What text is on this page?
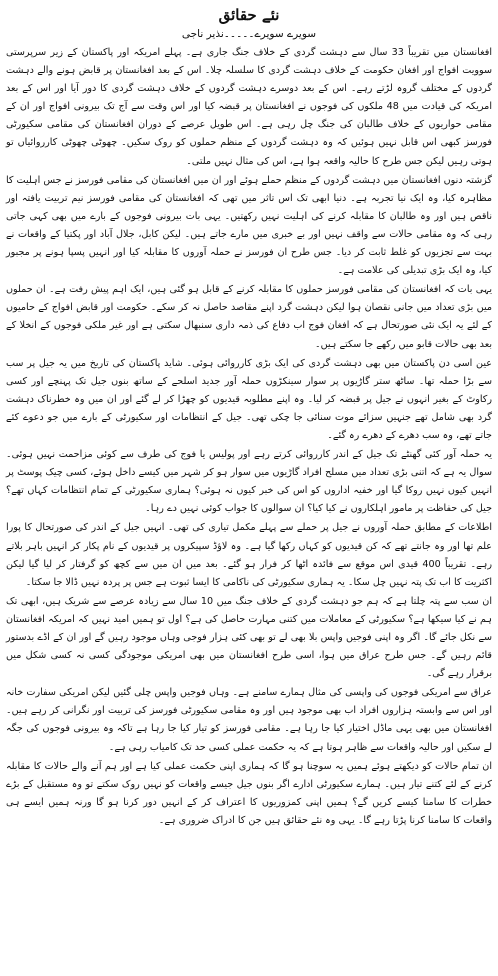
نئے حقائق
سویرے سویرے۔۔۔۔۔نذیر ناجی

افغانستان میں تقریباً 33 سال سے دہشت گردی کے خلاف جنگ جاری ہے۔ پہلے امریکہ اور پاکستان کے زیر سرپرستی سوویت افواج اور افغان حکومت کے خلاف دہشت گردی کا سلسلہ چلا۔ اس کے بعد افغانستان پر قابض ہونے والے دہشت گردوں کے مختلف گروہ لڑتے رہے۔ اس کے بعد دوسرے دہشت گردوں کے خلاف دہشت گردی کا دور آیا اور اس کے بعد امریکہ کی قیادت میں 48 ملکوں کی فوجوں نے افغانستان پر قبضہ کیا اور اس وقت سے آج تک بیرونی افواج اور ان کے مقامی حواریوں کے خلاف طالبان کی جنگ چل رہی ہے۔ اس طویل عرصے کے دوران افغانستان کی مقامی سکیورٹی فورسز کبھی اس قابل نہیں ہوئیں کہ وہ دہشت گردوں کے منظم حملوں کو روک سکیں۔ چھوٹی چھوٹی کارروائیاں تو ہوتی رہیں لیکن جس طرح کا حالیہ واقعہ ہوا ہے، اس کی مثال نہیں ملتی۔

گزشتہ دنوں افغانستان میں دہشت گردوں کے منظم حملے ہوئے اور ان میں افغانستان کی مقامی فورسز نے جس اہلیت کا مظاہرہ کیا، وہ ایک نیا تجربہ ہے۔ دنیا ابھی تک اس تاثر میں تھی کہ افغانستان کی مقامی فورسز نیم تربیت یافتہ اور ناقص ہیں اور وہ طالبان کا مقابلہ کرنے کی اہلیت نہیں رکھتیں۔ یہی بات بیرونی فوجوں کے بارے میں بھی کہی جاتی رہی کہ وہ مقامی حالات سے واقف نہیں اور بے خبری میں مارے جاتے ہیں۔ لیکن کابل، جلال آباد اور پکتیا کے واقعات نے بہت سے تجزیوں کو غلط ثابت کر دیا۔ جس طرح ان فورسز نے حملہ آوروں کا مقابلہ کیا اور انہیں پسپا ہونے پر مجبور کیا، وہ ایک بڑی تبدیلی کی علامت ہے۔

یہی بات کہ افغانستان کی مقامی فورسز حملوں کا مقابلہ کرنے کے قابل ہو گئی ہیں، ایک اہم پیش رفت ہے۔ ان حملوں میں بڑی تعداد میں جانی نقصان ہوا لیکن دہشت گرد اپنے مقاصد حاصل نہ کر سکے۔ حکومت اور قابض افواج کے حامیوں کے لئے یہ ایک نئی صورتحال ہے کہ افغان فوج اب دفاع کی ذمہ داری سنبھال سکتی ہے اور غیر ملکی فوجوں کے انخلا کے بعد بھی حالات قابو میں رکھے جا سکتے ہیں۔

عین اسی دن پاکستان میں بھی دہشت گردی کی ایک بڑی کارروائی ہوئی۔ شاید پاکستان کی تاریخ میں یہ جیل پر سب سے بڑا حملہ تھا۔ ساٹھ ستر گاڑیوں پر سوار سینکڑوں حملہ آور جدید اسلحے کے ساتھ بنوں جیل تک پہنچے اور کسی رکاوٹ کے بغیر انہوں نے جیل پر قبضہ کر لیا۔ وہ اپنے مطلوبہ قیدیوں کو چھڑا کر لے گئے اور ان میں وہ خطرناک دہشت گرد بھی شامل تھے جنہیں سزائے موت سنائی جا چکی تھی۔ جیل کے انتظامات اور سکیورٹی کے بارے میں جو دعوے کئے جاتے تھے، وہ سب دھرے کے دھرے رہ گئے۔

یہ حملہ آور کئی گھنٹے تک جیل کے اندر کارروائی کرتے رہے اور پولیس یا فوج کی طرف سے کوئی مزاحمت نہیں ہوئی۔ سوال یہ ہے کہ اتنی بڑی تعداد میں مسلح افراد گاڑیوں میں سوار ہو کر شہر میں کیسے داخل ہوئے، کسی چیک پوسٹ پر انہیں کیوں نہیں روکا گیا اور خفیہ اداروں کو اس کی خبر کیوں نہ ہوئی؟ ہماری سکیورٹی کے تمام انتظامات کہاں تھے؟ جیل کی حفاظت پر مامور اہلکاروں نے کیا کیا؟ ان سوالوں کا جواب کوئی نہیں دے رہا۔

اطلاعات کے مطابق حملہ آوروں نے جیل پر حملے سے پہلے مکمل تیاری کی تھی۔ انہیں جیل کے اندر کی صورتحال کا پورا علم تھا اور وہ جانتے تھے کہ کن قیدیوں کو کہاں رکھا گیا ہے۔ وہ لاؤڈ سپیکروں پر قیدیوں کے نام پکار کر انہیں باہر بلاتے رہے۔ تقریباً 400 قیدی اس موقع سے فائدہ اٹھا کر فرار ہو گئے۔ بعد میں ان میں سے کچھ کو گرفتار کر لیا گیا لیکن اکثریت کا اب تک پتہ نہیں چل سکا۔ یہ ہماری سکیورٹی کی ناکامی کا ایسا ثبوت ہے جس پر پردہ نہیں ڈالا جا سکتا۔

ان سب سے پتہ چلتا ہے کہ ہم جو دہشت گردی کے خلاف جنگ میں 10 سال سے زیادہ عرصے سے شریک ہیں، ابھی تک ہم نے کیا سیکھا ہے؟ سکیورٹی کے معاملات میں کتنی مہارت حاصل کی ہے؟ اول تو ہمیں امید نہیں کہ امریکہ افغانستان سے نکل جائے گا۔ اگر وہ اپنی فوجیں واپس بلا بھی لے تو بھی کئی ہزار فوجی وہاں موجود رہیں گے اور ان کے اڈے بدستور قائم رہیں گے۔ جس طرح عراق میں ہوا، اسی طرح افغانستان میں بھی امریکی موجودگی کسی نہ کسی شکل میں برقرار رہے گی۔

عراق سے امریکی فوجوں کی واپسی کی مثال ہمارے سامنے ہے۔ وہاں فوجیں واپس چلی گئیں لیکن امریکی سفارت خانہ اور اس سے وابستہ ہزاروں افراد اب بھی موجود ہیں اور وہ مقامی سکیورٹی فورسز کی تربیت اور نگرانی کر رہے ہیں۔ افغانستان میں بھی یہی ماڈل اختیار کیا جا رہا ہے۔ مقامی فورسز کو تیار کیا جا رہا ہے تاکہ وہ بیرونی فوجوں کی جگہ لے سکیں اور حالیہ واقعات سے ظاہر ہوتا ہے کہ یہ حکمت عملی کسی حد تک کامیاب رہی ہے۔

ان تمام حالات کو دیکھتے ہوئے ہمیں یہ سوچنا ہو گا کہ ہماری اپنی حکمت عملی کیا ہے اور ہم آنے والے حالات کا مقابلہ کرنے کے لئے کتنے تیار ہیں۔ ہمارے سکیورٹی ادارے اگر بنوں جیل جیسے واقعات کو نہیں روک سکتے تو وہ مستقبل کے بڑے خطرات کا سامنا کیسے کریں گے؟ ہمیں اپنی کمزوریوں کا اعتراف کر کے انہیں دور کرنا ہو گا ورنہ ہمیں ایسے ہی واقعات کا سامنا کرنا پڑتا رہے گا۔ یہی وہ نئے حقائق ہیں جن کا ادراک ضروری ہے۔
